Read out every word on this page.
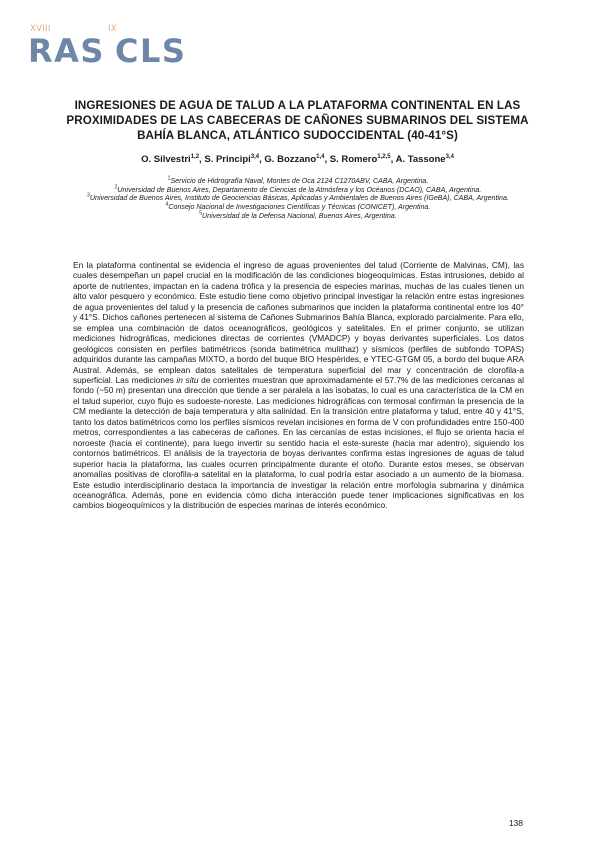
XVIII	IX
RAS CLS
INGRESIONES DE AGUA DE TALUD A LA PLATAFORMA CONTINENTAL EN LAS PROXIMIDADES DE LAS CABECERAS DE CAÑONES SUBMARINOS DEL SISTEMA BAHÍA BLANCA, ATLÁNTICO SUDOCCIDENTAL (40-41°S)
O. Silvestri$^{1,2}$, S. Principi$^{3,4}$, G. Bozzano$^{1,4}$, S. Romero$^{1,2,5}$, A. Tassone$^{3,4}$
$^1$Servicio de Hidrografía Naval, Montes de Oca 2124 C1270ABV, CABA, Argentina.
$^2$Universidad de Buenos Aires, Departamento de Ciencias de la Atmósfera y los Océanos (DCAO), CABA, Argentina.
$^3$Universidad de Buenos Aires, Instituto de Geociencias Básicas, Aplicadas y Ambientales de Buenos Aires (IGeBA), CABA, Argentina.
$^4$Consejo Nacional de Investigaciones Científicas y Técnicas (CONICET), Argentina.
$^5$Universidad de la Defensa Nacional, Buenos Aires, Argentina.

En la plataforma continental se evidencia el ingreso de aguas provenientes del talud (Corriente de Malvinas, CM), las cuales desempeñan un papel crucial en la modificación de las condiciones biogeoquímicas. Estas intrusiones, debido al aporte de nutrientes, impactan en la cadena trófica y la presencia de especies marinas, muchas de las cuales tienen un alto valor pesquero y económico. Este estudio tiene como objetivo principal investigar la relación entre estas ingresiones de agua provenientes del talud y la presencia de cañones submarinos que inciden la plataforma continental entre los 40° y 41°S. Dichos cañones pertenecen al sistema de Cañones Submarinos Bahía Blanca, explorado parcialmente. Para ello, se emplea una combinación de datos oceanográficos, geológicos y satelitales. En el primer conjunto, se utilizan mediciones hidrográficas, mediciones directas de corrientes (VMADCP) y boyas derivantes superficiales. Los datos geológicos consisten en perfiles batimétricos (sonda batimétrica mulithaz) y sísmicos (perfiles de subfondo TOPAS) adquiridos durante las campañas MIXTO, a bordo del buque BIO Hespérides, e YTEC-GTGM 05, a bordo del buque ARA Austral. Además, se emplean datos satelitales de temperatura superficial del mar y concentración de clorofila-a superficial. Las mediciones in situ de corrientes muestran que aproximadamente el 57.7% de las mediciones cercanas al fondo (~50 m) presentan una dirección que tiende a ser paralela a las isobatas, lo cual es una característica de la CM en el talud superior, cuyo flujo es sudoeste-noreste. Las mediciones hidrográficas con termosal confirman la presencia de la CM mediante la detección de baja temperatura y alta salinidad. En la transición entre plataforma y talud, entre 40 y 41°S, tanto los datos batimétricos como los perfiles sísmicos revelan incisiones en forma de V con profundidades entre 150-400 metros, correspondientes a las cabeceras de cañones. En las cercanías de estas incisiones, el flujo se orienta hacia el noroeste (hacia el continente), para luego invertir su sentido hacia el este-sureste (hacia mar adentro), siguiendo los contornos batimétricos. El análisis de la trayectoria de boyas derivantes confirma estas ingresiones de aguas de talud superior hacia la plataforma, las cuales ocurren principalmente durante el otoño. Durante estos meses, se observan anomalías positivas de clorofila-a satelital en la plataforma, lo cual podría estar asociado a un aumento de la biomasa. Este estudio interdisciplinario destaca la importancia de investigar la relación entre morfología submarina y dinámica oceanográfica. Además, pone en evidencia cómo dicha interacción puede tener implicaciones significativas en los cambios biogeoquímicos y la distribución de especies marinas de interés económico.

138
